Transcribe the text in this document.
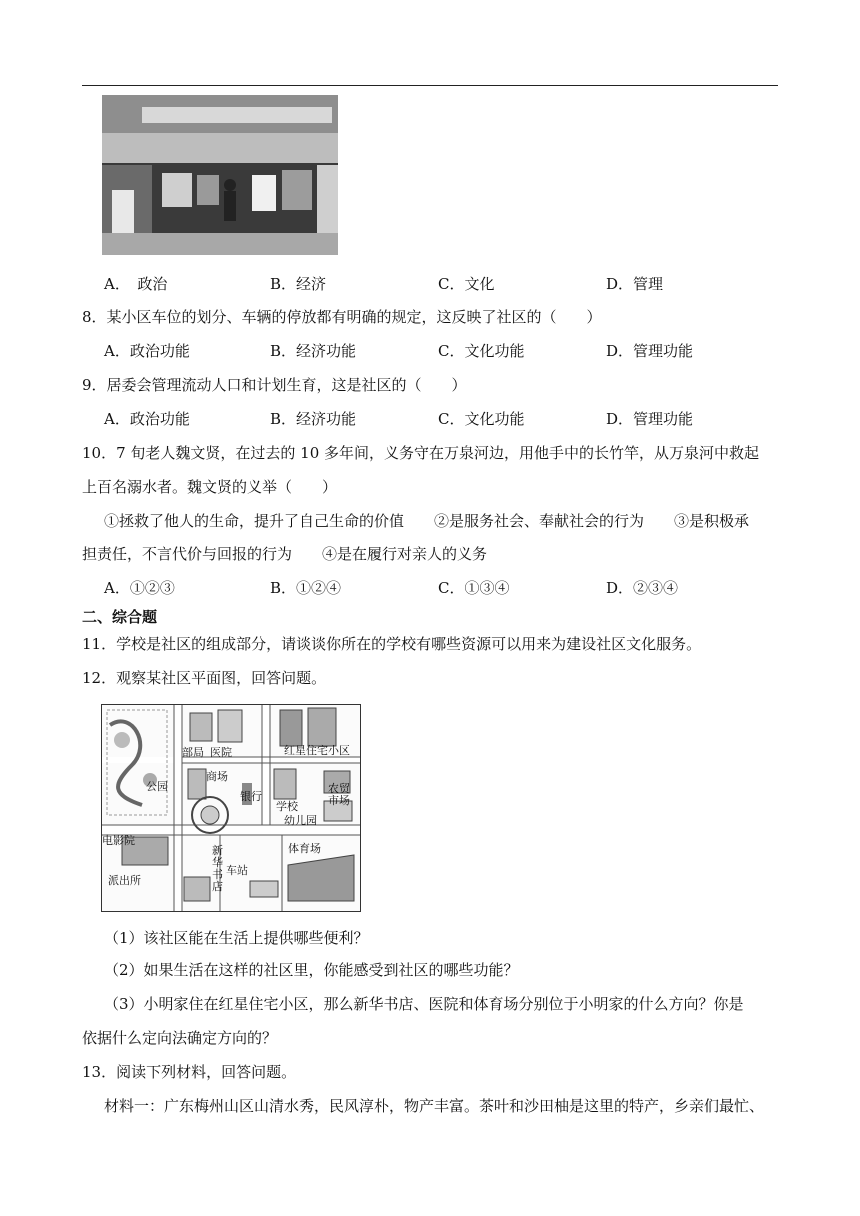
A．　政治	B．经济	C．文化	D．管理
8．某小区车位的划分、车辆的停放都有明确的规定，这反映了社区的（　　）
A．政治功能	B．经济功能	C．文化功能	D．管理功能
9．居委会管理流动人口和计划生育，这是社区的（　　）
A．政治功能	B．经济功能	C．文化功能	D．管理功能
10．7 旬老人魏文贤，在过去的 10 多年间，义务守在万泉河边，用他手中的长竹竿，从万泉河中救起
上百名溺水者。魏文贤的义举（　　）
①拯救了他人的生命，提升了自己生命的价值　　②是服务社会、奉献社会的行为　　③是积极承
担责任，不言代价与回报的行为　　④是在履行对亲人的义务
A．①②③	B．①②④	C．①③④	D．②③④
二、综合题
11．学校是社区的组成部分，请谈谈你所在的学校有哪些资源可以用来为建设社区文化服务。
12．观察某社区平面图，回答问题。
部局 医院	红星住宅小区
公园
商场
银行
学校
农贸市场
幼儿园
电影院
派出所
新华书店
车站
体育场
（1）该社区能在生活上提供哪些便利？
（2）如果生活在这样的社区里，你能感受到社区的哪些功能？
（3）小明家住在红星住宅小区，那么新华书店、医院和体育场分别位于小明家的什么方向？你是
依据什么定向法确定方向的？
13．阅读下列材料，回答问题。
材料一：广东梅州山区山清水秀，民风淳朴，物产丰富。茶叶和沙田柚是这里的特产，乡亲们最忙、
